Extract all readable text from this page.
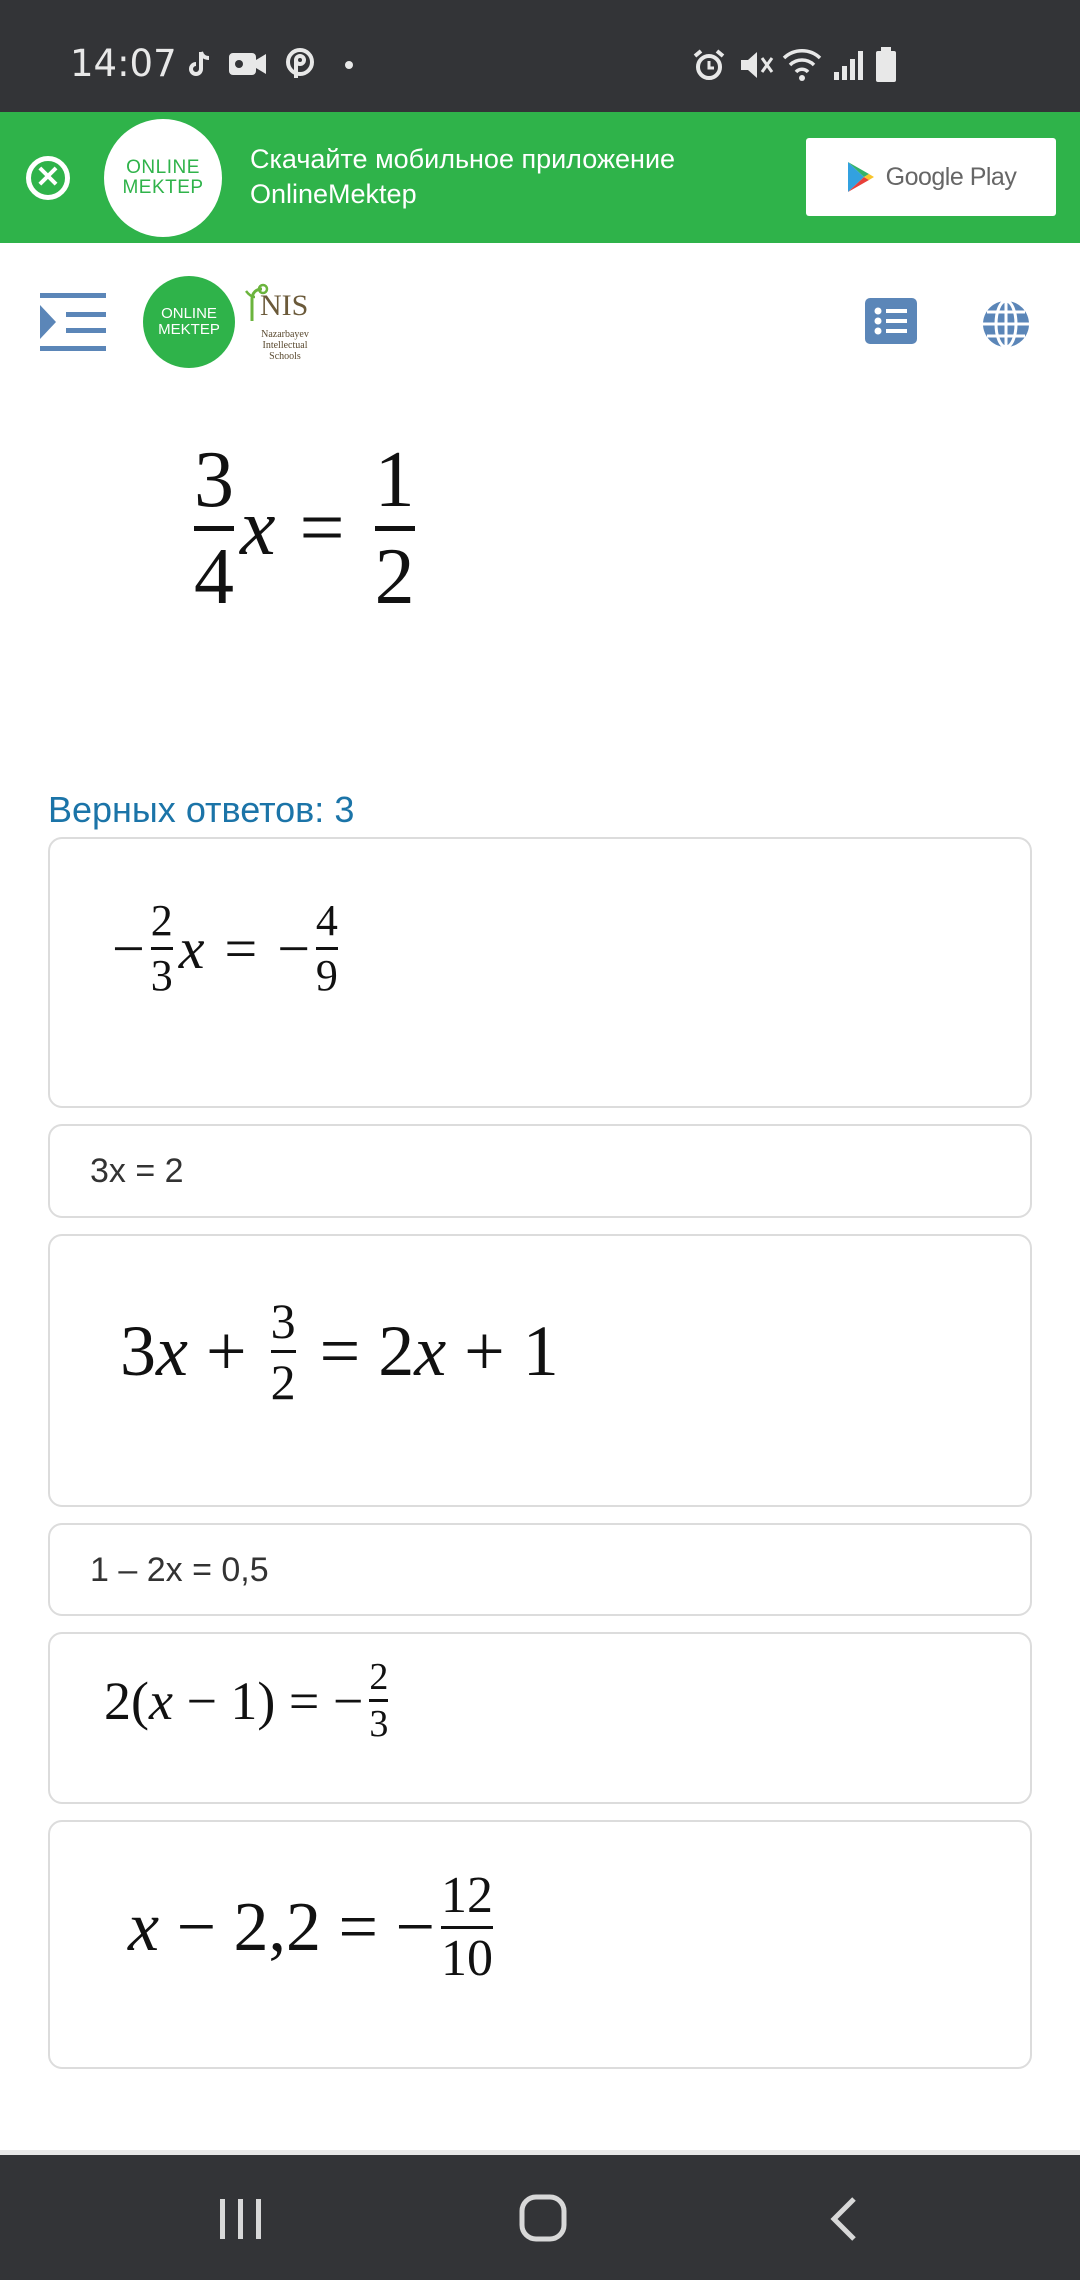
14:07
✕	ONLINE
MEKTEP
Скачайте мобильное приложение
OnlineMektep
Google Play
ONLINE
MEKTEP
NIS
Nazarbayev
Intellectual
Schools
3
4
x =
1
2
Верных ответов: 3
− $\frac{2}{3}$ x = − $\frac{4}{9}$
3x = 2
3 $x + \frac{3}{2} = 2$ x + 1
1 – 2x = 0,5
2( x − 1) = − $\frac{2}{3}$
x − 2,2 = − $\frac{12}{10}$
